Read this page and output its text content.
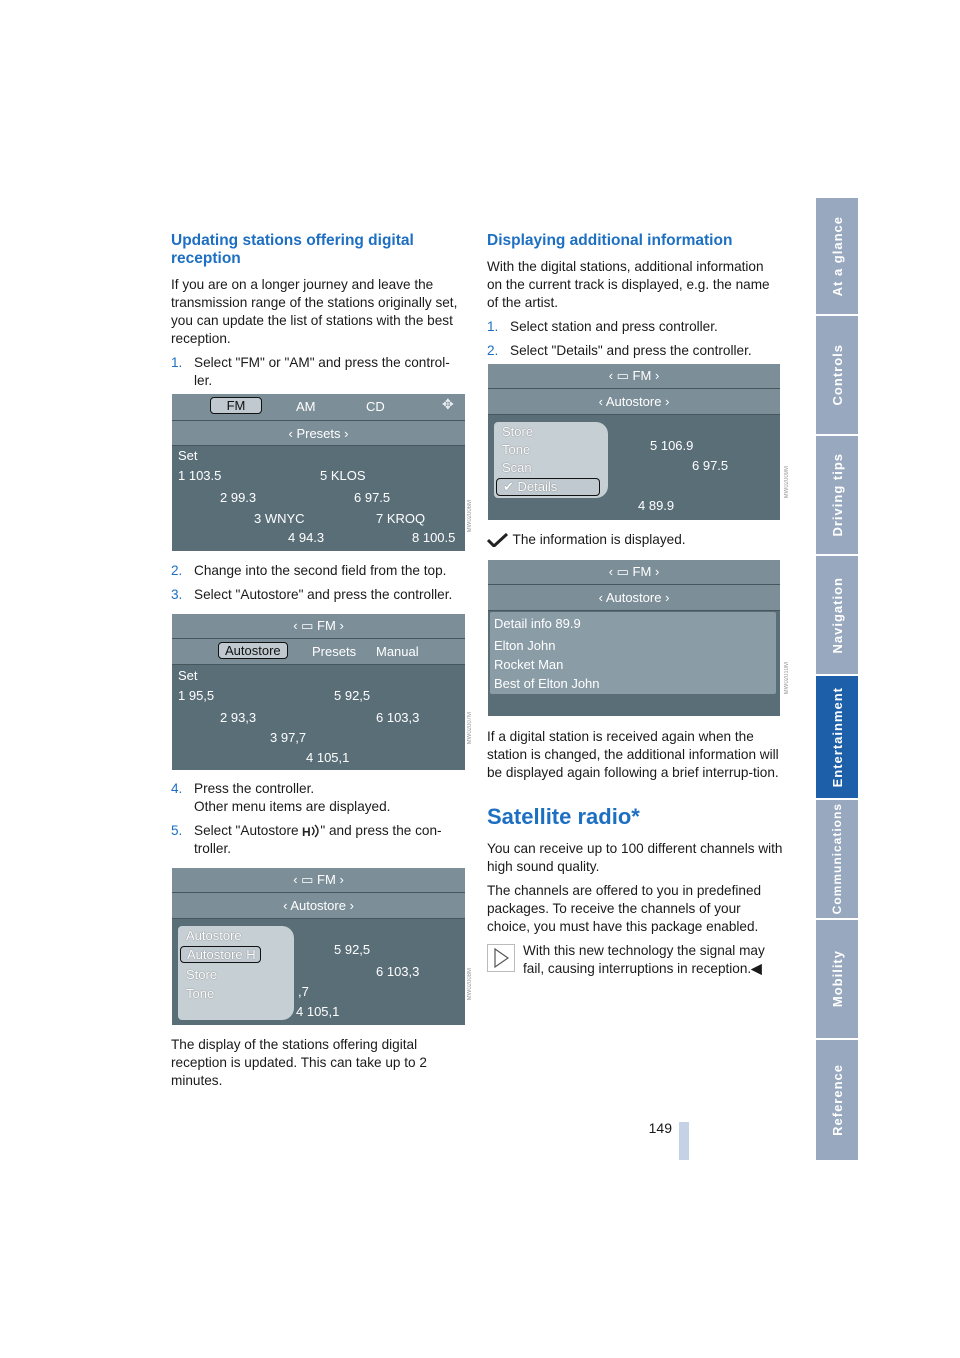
Updating stations offering digital reception

If you are on a longer journey and leave the transmission range of the stations originally set, you can update the list of stations with the best reception.

1. Select "FM" or "AM" and press the control-ler.
2. Change into the second field from the top.
3. Select "Autostore" and press the controller.
4. Press the controller.
Other menu items are displayed.
5. Select "Autostore H " and press the con-troller.

The display of the stations offering digital reception is updated. This can take up to 2 minutes.

FM	AM	CD	✥
‹ Presets ›
Set
1 103.5	5 KLOS
2 99.3	6 97.5
3 WNYC	7 KROQ
4 94.3	8 100.5
MW02006M
‹ ▭ FM ›
Autostore	Presets Manual
Set
1 95,5	5 92,5
2 93,3	6 103,3
3 97,7
4 105,1
MW02007M
‹ ▭ FM ›
‹ Autostore ›
Autostore
Autostore H
Store
Tone
5 92,5
6 103,3
,7
4 105,1
MW02008M
Displaying additional information

With the digital stations, additional information on the current track is displayed, e.g. the name of the artist.

1. Select station and press controller.
2. Select "Details" and press the controller.
‹ ▭ FM ›
‹ Autostore ›
Store
Tone
Scan
✔ Details
5 106.9
6 97.5
4 89.9
MW02009M
The information is displayed.
‹ ▭ FM ›
‹ Autostore ›
Detail info 89.9
Elton John
Rocket Man
Best of Elton John	MW02010M

If a digital station is received again when the station is changed, the additional information will be displayed again following a brief interrup-tion.

Satellite radio*

You can receive up to 100 different channels with high sound quality.

The channels are offered to you in predefined packages. To receive the channels of your choice, you must have this package enabled.

With this new technology the signal may fail, causing interruptions in reception.◀
At a glance
Controls
Driving tips
Navigation
Entertainment
Communications
Mobility
Reference
149
